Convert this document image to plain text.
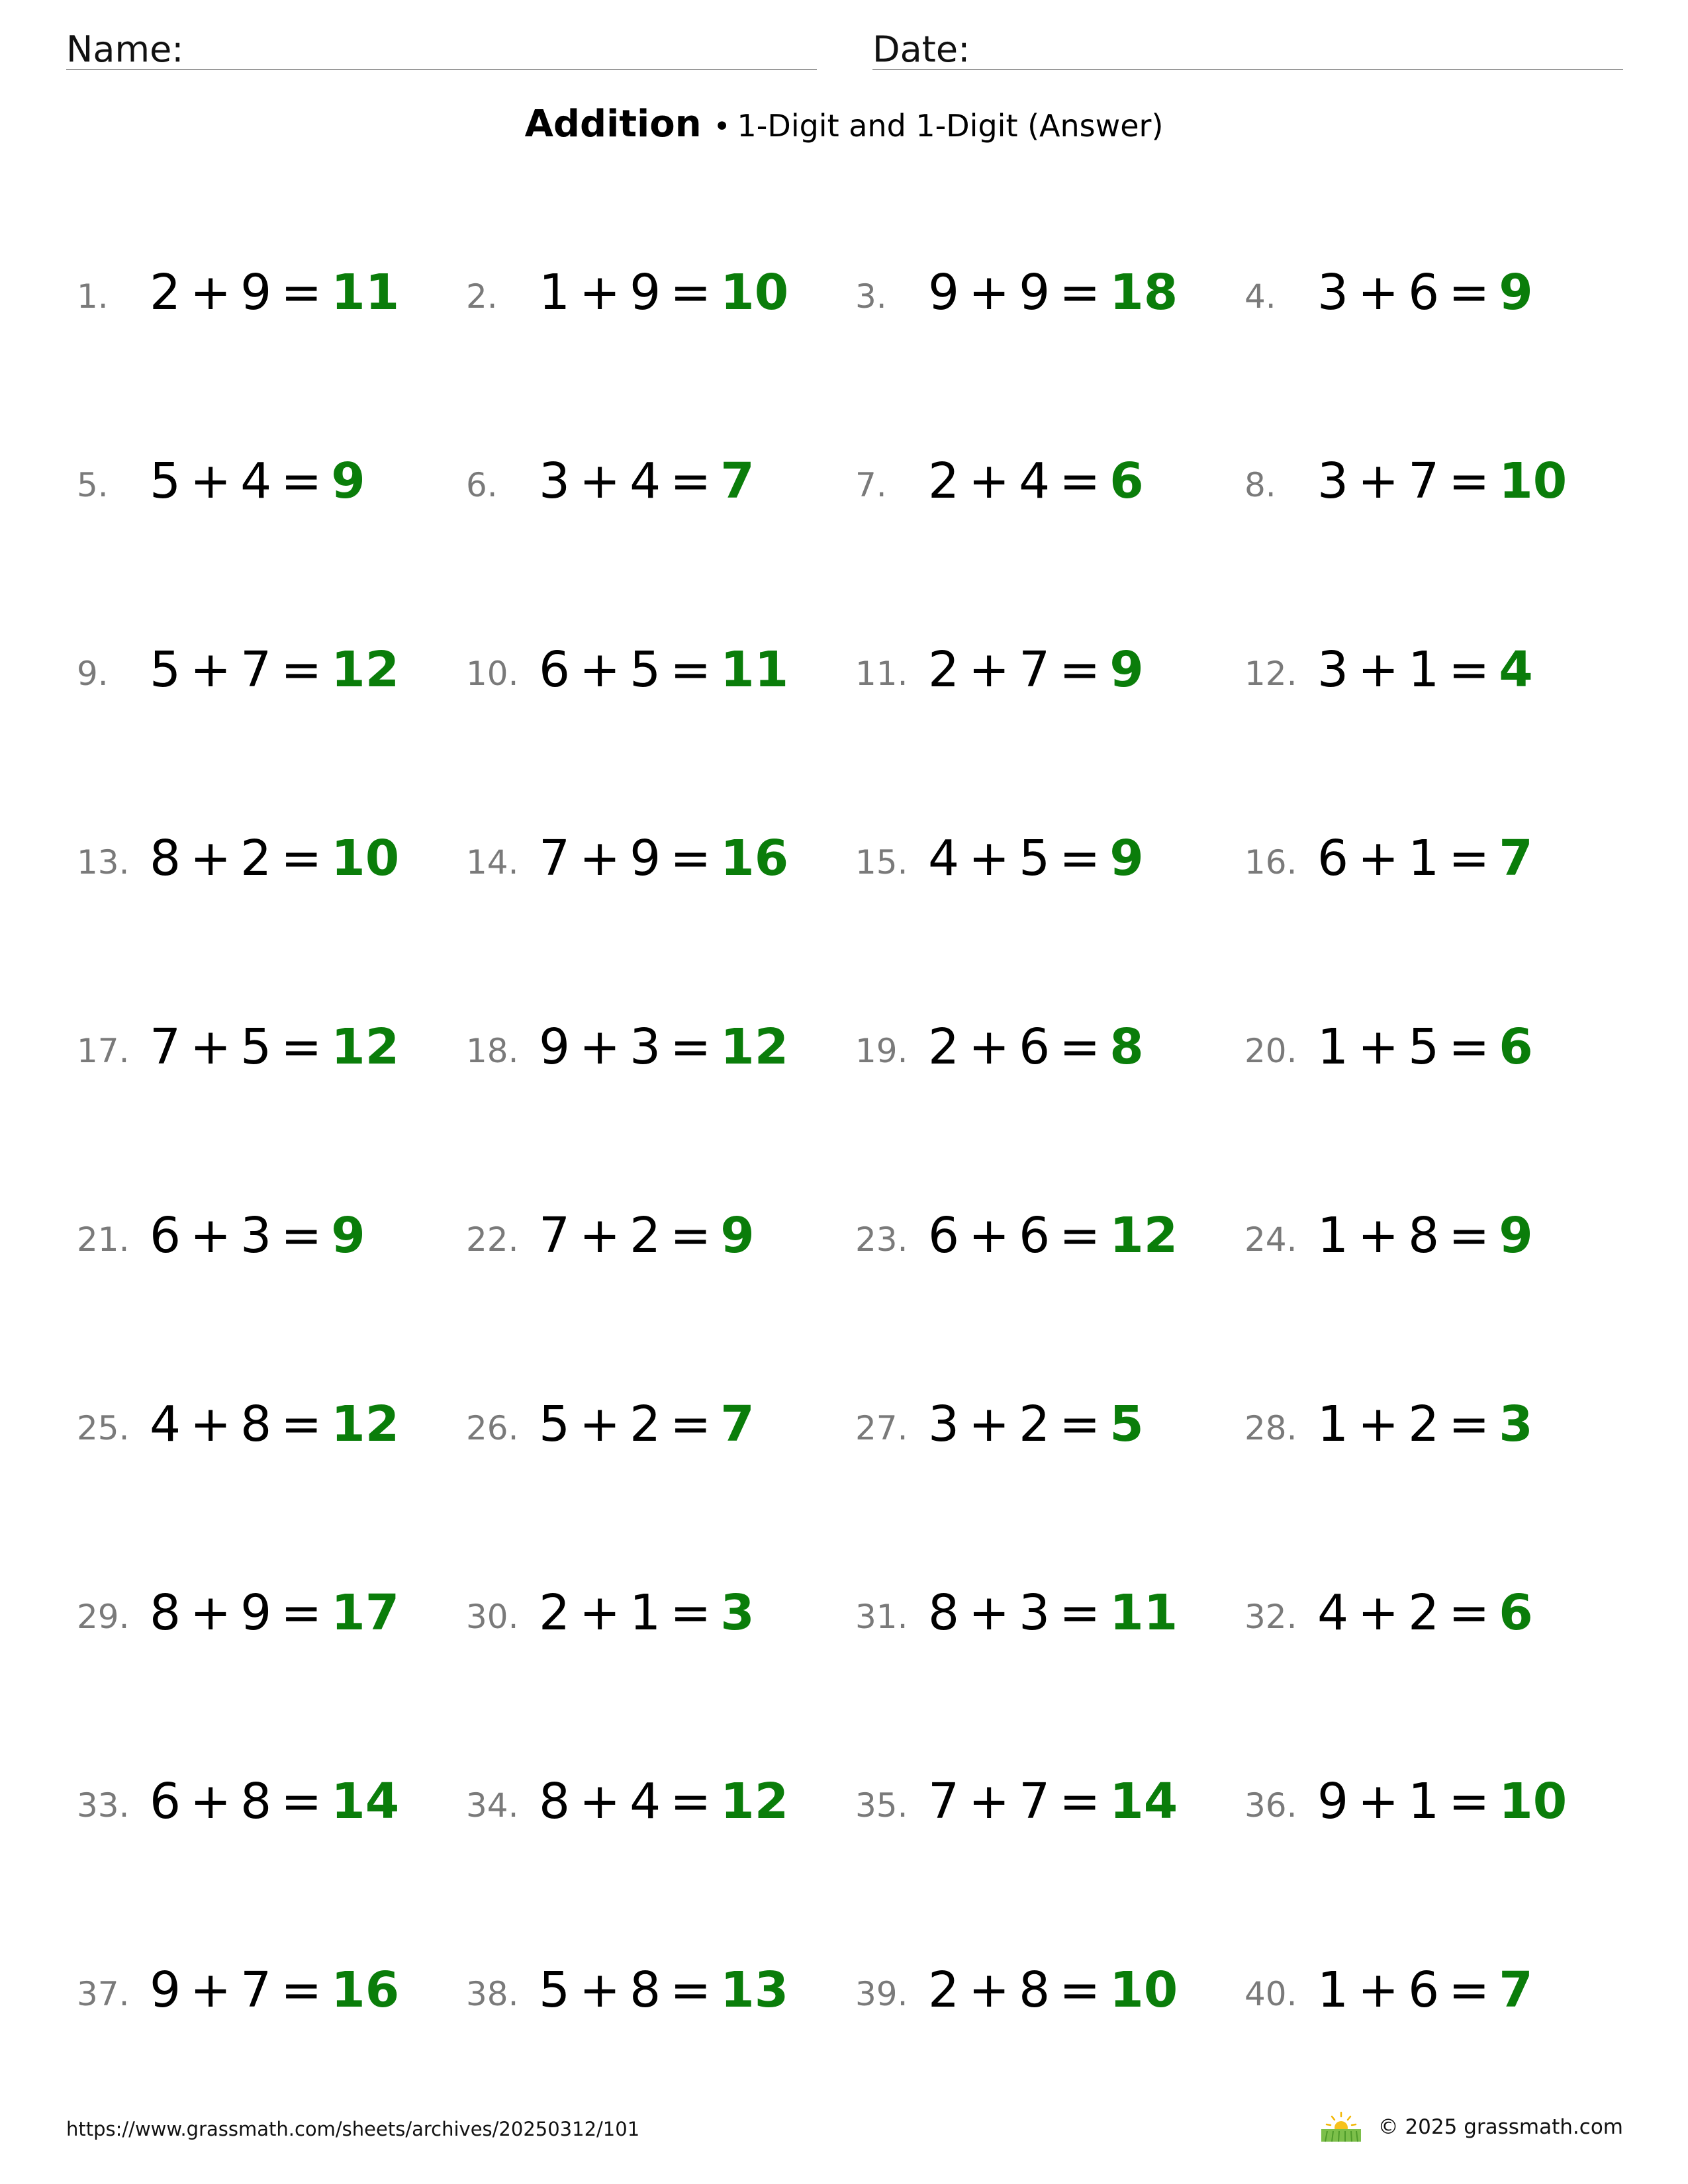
Name:	Date:
Addition • 1-Digit and 1-Digit (Answer)
1. 2 + 9 = 11 2. 1 + 9 = 10 3. 9 + 9 = 18 4. 3 + 6 = 9
5. 5 + 4 = 9	6. 3 + 4 = 7	7. 2 + 4 = 6	8. 3 + 7 = 10
9. 5 + 7 = 12 10. 6 + 5 = 11 11. 2 + 7 = 9	12. 3 + 1 = 4
13. 8 + 2 = 10 14. 7 + 9 = 16 15. 4 + 5 = 9	16. 6 + 1 = 7
17. 7 + 5 = 12 18. 9 + 3 = 12 19. 2 + 6 = 8	20. 1 + 5 = 6
21. 6 + 3 = 9	22. 7 + 2 = 9	23. 6 + 6 = 12 24. 1 + 8 = 9
25. 4 + 8 = 12 26. 5 + 2 = 7	27. 3 + 2 = 5	28. 1 + 2 = 3
29. 8 + 9 = 17 30. 2 + 1 = 3	31. 8 + 3 = 11 32. 4 + 2 = 6
33. 6 + 8 = 14 34. 8 + 4 = 12 35. 7 + 7 = 14 36. 9 + 1 = 10
37. 9 + 7 = 16 38. 5 + 8 = 13 39. 2 + 8 = 10 40. 1 + 6 = 7
https://www.grassmath.com/sheets/archives/20250312/101	© 2025 grassmath.com
